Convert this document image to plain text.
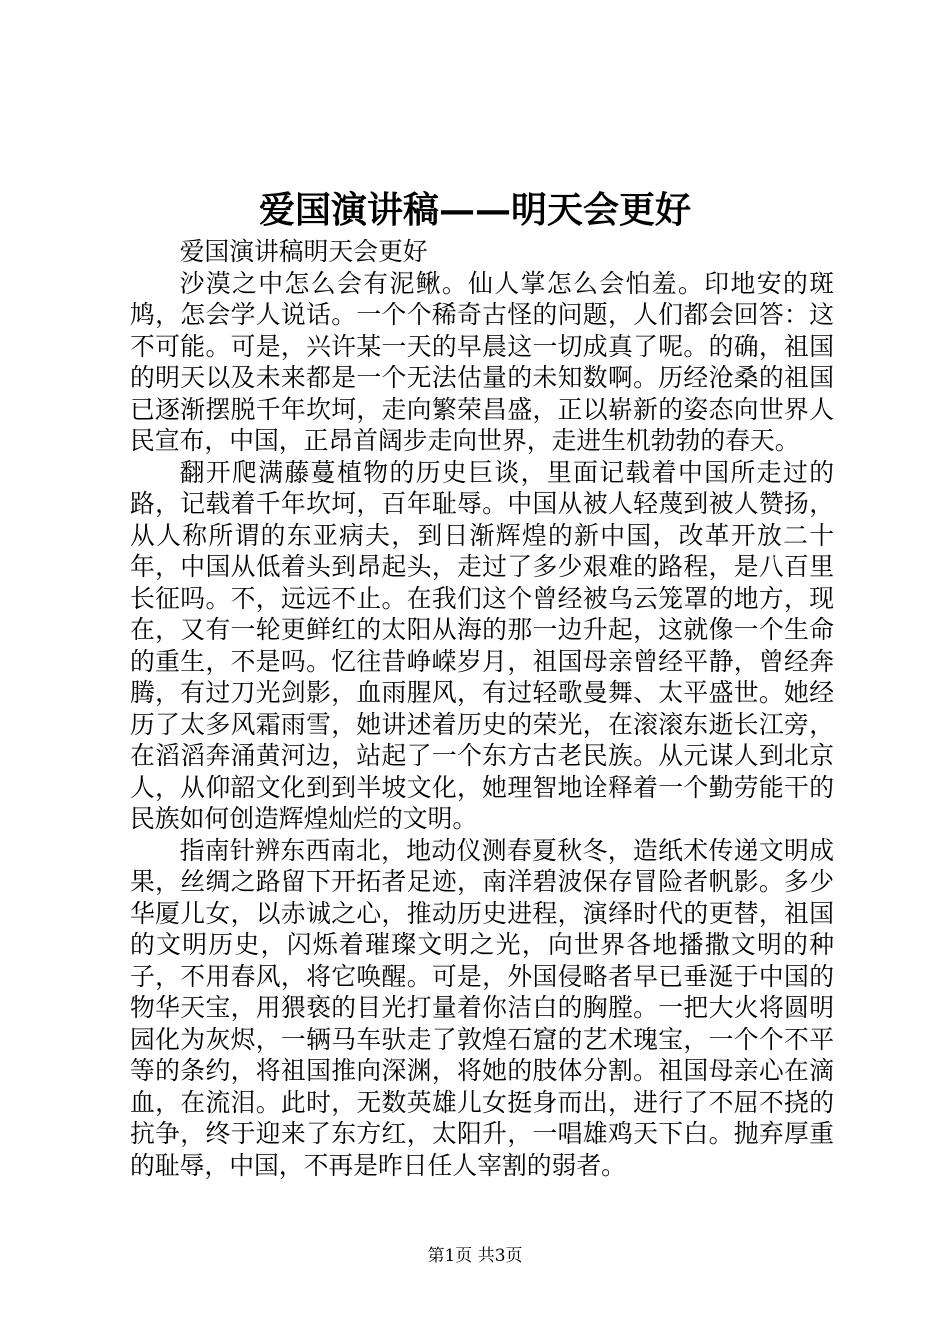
爱国演讲稿——明天会更好

爱国演讲稿明天会更好

沙漠之中怎么会有泥鳅。仙人掌怎么会怕羞。印地安的斑鸠，怎会学人说话。一个个稀奇古怪的问题，人们都会回答：这不可能。可是，兴许某一天的早晨这一切成真了呢。的确，祖国的明天以及未来都是一个无法估量的未知数啊。历经沧桑的祖国已逐渐摆脱千年坎坷，走向繁荣昌盛，正以崭新的姿态向世界人民宣布，中国，正昂首阔步走向世界，走进生机勃勃的春天。

翻开爬满藤蔓植物的历史巨谈，里面记载着中国所走过的路，记载着千年坎坷，百年耻辱。中国从被人轻蔑到被人赞扬，从人称所谓的东亚病夫，到日渐辉煌的新中国，改革开放二十年，中国从低着头到昂起头，走过了多少艰难的路程，是八百里长征吗。不，远远不止。在我们这个曾经被乌云笼罩的地方，现在，又有一轮更鲜红的太阳从海的那一边升起，这就像一个生命的重生，不是吗。忆往昔峥嵘岁月，祖国母亲曾经平静，曾经奔腾，有过刀光剑影，血雨腥风，有过轻歌曼舞、太平盛世。她经历了太多风霜雨雪，她讲述着历史的荣光，在滚滚东逝长江旁，在滔滔奔涌黄河边，站起了一个东方古老民族。从元谋人到北京人，从仰韶文化到到半坡文化，她理智地诠释着一个勤劳能干的民族如何创造辉煌灿烂的文明。

指南针辨东西南北，地动仪测春夏秋冬，造纸术传递文明成果，丝绸之路留下开拓者足迹，南洋碧波保存冒险者帆影。多少华厦儿女，以赤诚之心，推动历史进程，演绎时代的更替，祖国的文明历史，闪烁着璀璨文明之光，向世界各地播撒文明的种子，不用春风，将它唤醒。可是，外国侵略者早已垂涎于中国的物华天宝，用猥亵的目光打量着你洁白的胸膛。一把大火将圆明园化为灰烬，一辆马车驮走了敦煌石窟的艺术瑰宝，一个个不平等的条约，将祖国推向深渊，将她的肢体分割。祖国母亲心在滴血，在流泪。此时，无数英雄儿女挺身而出，进行了不屈不挠的抗争，终于迎来了东方红，太阳升，一唱雄鸡天下白。抛弃厚重的耻辱，中国，不再是昨日任人宰割的弱者。

第1页 共3页
